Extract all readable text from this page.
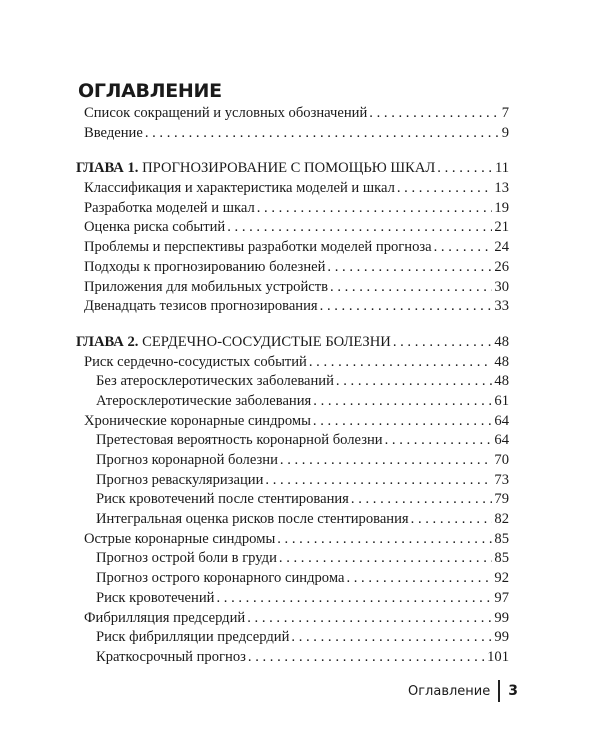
ОГЛАВЛЕНИЕ
Список сокращений и условных обозначений . . .	7
Введение . . .	9
ГЛАВА 1. ПРОГНОЗИРОВАНИЕ С ПОМОЩЬЮ ШКАЛ . . .	11
Классификация и характеристика моделей и шкал . . .	13
Разработка моделей и шкал . . .	19
Оценка риска событий . . .	21
Проблемы и перспективы разработки моделей прогноза . . .	24
Подходы к прогнозированию болезней . . .	26
Приложения для мобильных устройств . . .	30
Двенадцать тезисов прогнозирования . . .	33
ГЛАВА 2. СЕРДЕЧНО-СОСУДИСТЫЕ БОЛЕЗНИ . . .	48
Риск сердечно-сосудистых событий . . .	48
Без атеросклеротических заболеваний . . .	48
Атеросклеротические заболевания . . .	61
Хронические коронарные синдромы . . .	64
Претестовая вероятность коронарной болезни . . .	64
Прогноз коронарной болезни . . .	70
Прогноз реваскуляризации . . .	73
Риск кровотечений после стентирования . . .	79
Интегральная оценка рисков после стентирования . . .	82
Острые коронарные синдромы . . .	85
Прогноз острой боли в груди . . .	85
Прогноз острого коронарного синдрома . . .	92
Риск кровотечений . . .	97
Фибрилляция предсердий . . .	99
Риск фибрилляции предсердий . . .	99
Краткосрочный прогноз . . .	101
Оглавление 3
